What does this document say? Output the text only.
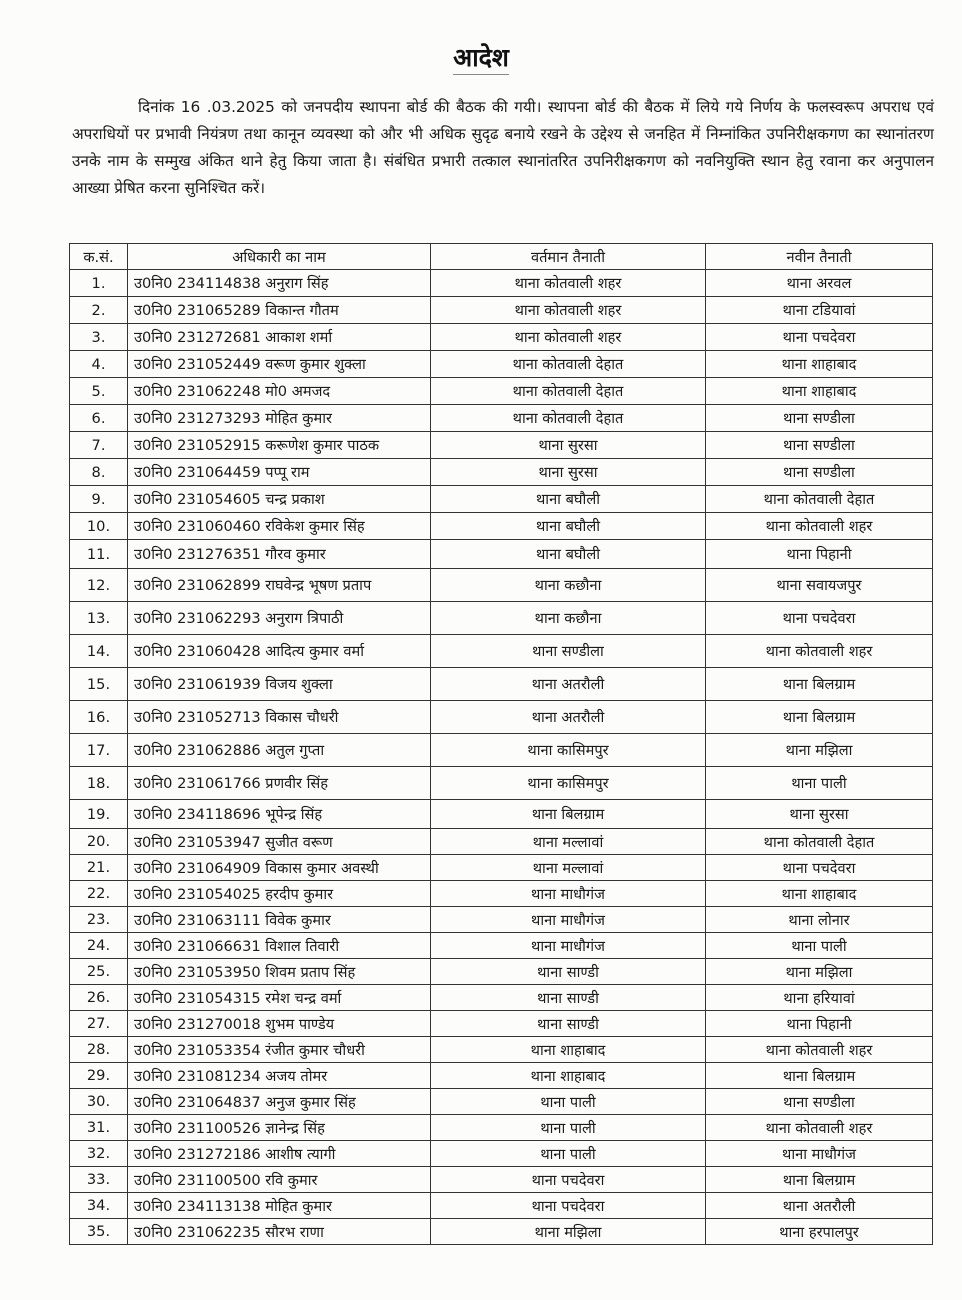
आदेश
दिनांक 16 .03.2025 को जनपदीय स्थापना बोर्ड की बैठक की गयी। स्थापना बोर्ड की बैठक में लिये गये निर्णय के फलस्वरूप अपराध एवं अपराधियों पर प्रभावी नियंत्रण तथा कानून व्यवस्था को और भी अधिक सुदृढ बनाये रखने के उद्देश्य से जनहित में निम्नांकित उपनिरीक्षकगण का स्थानांतरण उनके नाम के सम्मुख अंकित थाने हेतु किया जाता है। संबंधित प्रभारी तत्काल स्थानांतरित उपनिरीक्षकगण को नवनियुक्ति स्थान हेतु रवाना कर अनुपालन आख्या प्रेषित करना सुनिश्चित करें।
क.सं.	अधिकारी का नाम	वर्तमान तैनाती	नवीन तैनाती
1.	उ0नि0 234114838 अनुराग सिंह	थाना कोतवाली शहर	थाना अरवल
2.	उ0नि0 231065289 विकान्त गौतम	थाना कोतवाली शहर	थाना टडियावां
3.	उ0नि0 231272681 आकाश शर्मा	थाना कोतवाली शहर	थाना पचदेवरा
4.	उ0नि0 231052449 वरूण कुमार शुक्ला	थाना कोतवाली देहात	थाना शाहाबाद
5.	उ0नि0 231062248 मो0 अमजद	थाना कोतवाली देहात	थाना शाहाबाद
6.	उ0नि0 231273293 मोहित कुमार	थाना कोतवाली देहात	थाना सण्डीला
7.	उ0नि0 231052915 करूणेश कुमार पाठक	थाना सुरसा	थाना सण्डीला
8.	उ0नि0 231064459 पप्पू राम	थाना सुरसा	थाना सण्डीला
9.	उ0नि0 231054605 चन्द्र प्रकाश	थाना बघौली	थाना कोतवाली देहात
10.	उ0नि0 231060460 रविकेश कुमार सिंह	थाना बघौली	थाना कोतवाली शहर
11.	उ0नि0 231276351 गौरव कुमार	थाना बघौली	थाना पिहानी
12.	उ0नि0 231062899 राघवेन्द्र भूषण प्रताप	थाना कछौना	थाना सवायजपुर
13.	उ0नि0 231062293 अनुराग त्रिपाठी	थाना कछौना	थाना पचदेवरा
14.	उ0नि0 231060428 आदित्य कुमार वर्मा	थाना सण्डीला	थाना कोतवाली शहर
15.	उ0नि0 231061939 विजय शुक्ला	थाना अतरौली	थाना बिलग्राम
16.	उ0नि0 231052713 विकास चौधरी	थाना अतरौली	थाना बिलग्राम
17.	उ0नि0 231062886 अतुल गुप्ता	थाना कासिमपुर	थाना मझिला
18.	उ0नि0 231061766 प्रणवीर सिंह	थाना कासिमपुर	थाना पाली
19.	उ0नि0 234118696 भूपेन्द्र सिंह	थाना बिलग्राम	थाना सुरसा
20.	उ0नि0 231053947 सुजीत वरूण	थाना मल्लावां	थाना कोतवाली देहात
21.	उ0नि0 231064909 विकास कुमार अवस्थी	थाना मल्लावां	थाना पचदेवरा
22.	उ0नि0 231054025 हरदीप कुमार	थाना माधौगंज	थाना शाहाबाद
23.	उ0नि0 231063111 विवेक कुमार	थाना माधौगंज	थाना लोनार
24.	उ0नि0 231066631 विशाल तिवारी	थाना माधौगंज	थाना पाली
25.	उ0नि0 231053950 शिवम प्रताप सिंह	थाना साण्डी	थाना मझिला
26.	उ0नि0 231054315 रमेश चन्द्र वर्मा	थाना साण्डी	थाना हरियावां
27.	उ0नि0 231270018 शुभम पाण्डेय	थाना साण्डी	थाना पिहानी
28.	उ0नि0 231053354 रंजीत कुमार चौधरी	थाना शाहाबाद	थाना कोतवाली शहर
29.	उ0नि0 231081234 अजय तोमर	थाना शाहाबाद	थाना बिलग्राम
30.	उ0नि0 231064837 अनुज कुमार सिंह	थाना पाली	थाना सण्डीला
31.	उ0नि0 231100526 ज्ञानेन्द्र सिंह	थाना पाली	थाना कोतवाली शहर
32.	उ0नि0 231272186 आशीष त्यागी	थाना पाली	थाना माधौगंज
33.	उ0नि0 231100500 रवि कुमार	थाना पचदेवरा	थाना बिलग्राम
34.	उ0नि0 234113138 मोहित कुमार	थाना पचदेवरा	थाना अतरौली
35.	उ0नि0 231062235 सौरभ राणा	थाना मझिला	थाना हरपालपुर
